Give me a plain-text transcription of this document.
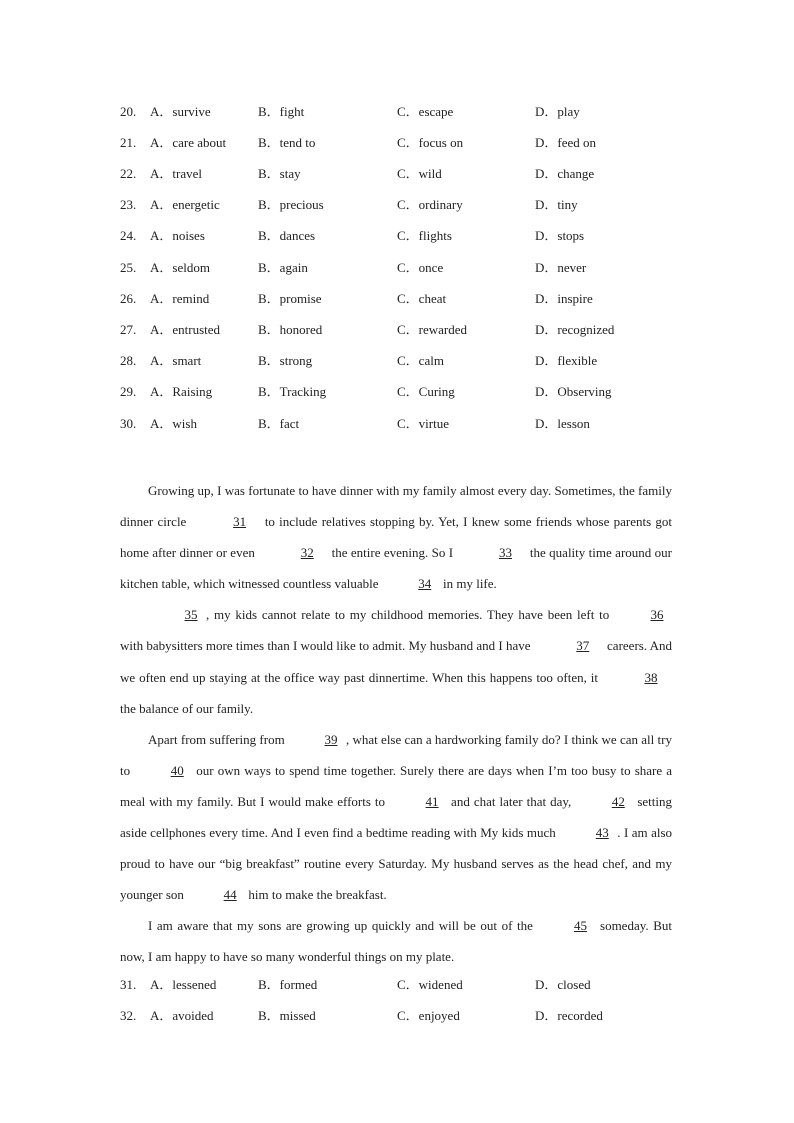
20. A．survive	B．fight	C．escape	D．play
21. A．care about B．tend to	C．focus on	D．feed on
22. A．travel	B．stay	C．wild	D．change
23. A．energetic	B．precious	C．ordinary	D．tiny
24. A．noises	B．dances	C．flights	D．stops
25. A．seldom	B．again	C．once	D．never
26. A．remind	B．promise	C．cheat	D．inspire
27. A．entrusted	B．honored	C．rewarded	D．recognized
28. A．smart	B．strong	C．calm	D．flexible
29. A．Raising	B．Tracking	C．Curing	D．Observing
30. A．wish	B．fact	C．virtue	D．lesson

Growing up, I was fortunate to have dinner with my family almost every day. Sometimes, the family dinner circle	31 to include relatives stopping by. Yet, I knew some friends whose parents got home after dinner or even	32 the entire evening. So I	33 the quality time around our kitchen table, which witnessed countless valuable	34 in my life.

35 , my kids cannot relate to my childhood memories. They have been left to	36 with babysitters more times than I would like to admit. My husband and I have	37 careers. And we often end up staying at the office way past dinnertime. When this happens too often, it	38 the balance of our family.

Apart from suffering from	39 , what else can a hardworking family do? I think we can all try to	40 our own ways to spend time together. Surely there are days when I’m too busy to share a meal with my family. But I would make efforts to	41 and chat later that day,	42 setting aside cellphones every time. And I even find a bedtime reading with My kids much	43 . I am also proud to have our “big breakfast” routine every Saturday. My husband serves as the head chef, and my younger son	44 him to make the breakfast.

I am aware that my sons are growing up quickly and will be out of the	45 someday. But now, I am happy to have so many wonderful things on my plate.

31. A．lessened	B．formed	C．widened	D．closed
32. A．avoided	B．missed	C．enjoyed	D．recorded
